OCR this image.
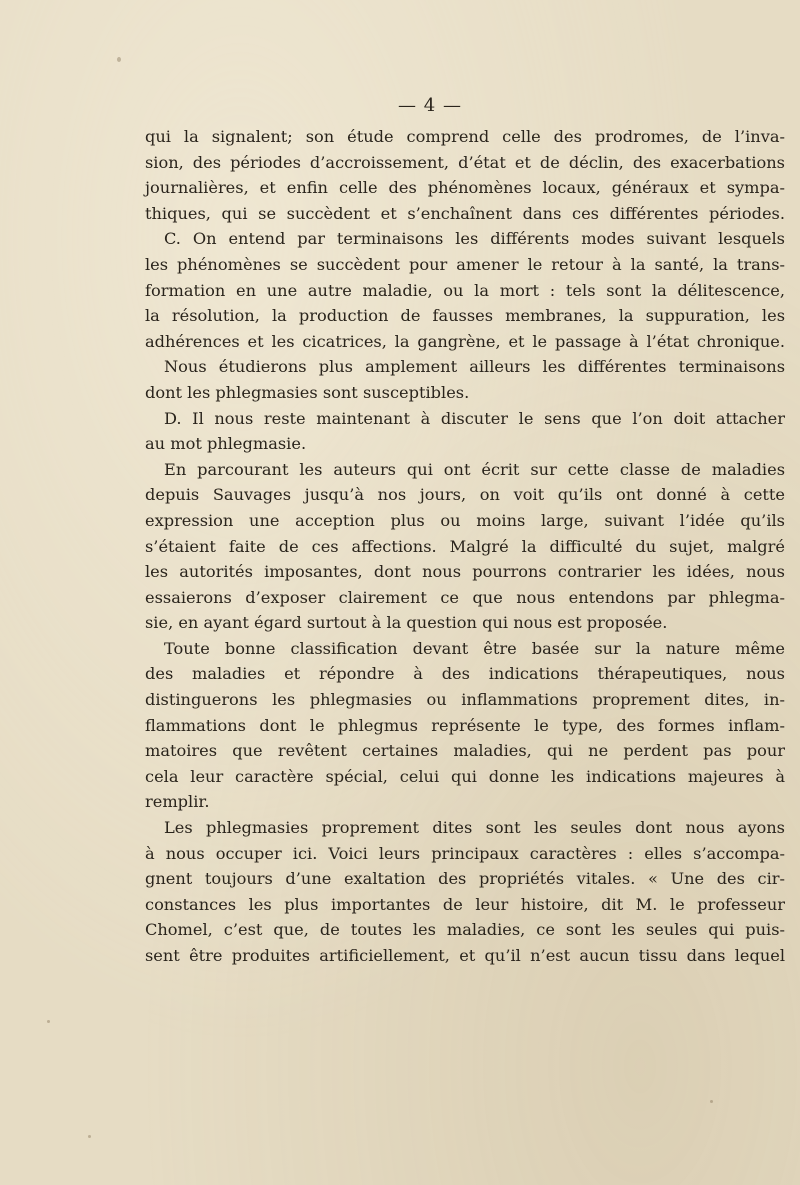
— 4 —
qui la signalent; son étude comprend celle des prodromes, de l’inva-
sion, des périodes d’accroissement, d’état et de déclin, des exacerbations
journalières, et enfin celle des phénomènes locaux, généraux et sympa-
thiques, qui se succèdent et s’enchaînent dans ces différentes périodes.
C. On entend par terminaisons les différents modes suivant lesquels
les phénomènes se succèdent pour amener le retour à la santé, la trans-
formation en une autre maladie, ou la mort : tels sont la délitescence,
la résolution, la production de fausses membranes, la suppuration, les
adhérences et les cicatrices, la gangrène, et le passage à l’état chronique.
Nous étudierons plus amplement ailleurs les différentes terminaisons
dont les phlegmasies sont susceptibles.
D. Il nous reste maintenant à discuter le sens que l’on doit attacher
au mot phlegmasie.
En parcourant les auteurs qui ont écrit sur cette classe de maladies
depuis Sauvages jusqu’à nos jours, on voit qu’ils ont donné à cette
expression une acception plus ou moins large, suivant l’idée qu’ils
s’étaient faite de ces affections. Malgré la difficulté du sujet, malgré
les autorités imposantes, dont nous pourrons contrarier les idées, nous
essaierons d’exposer clairement ce que nous entendons par phlegma-
sie, en ayant égard surtout à la question qui nous est proposée.
Toute bonne classification devant être basée sur la nature même
des maladies et répondre à des indications thérapeutiques, nous
distinguerons les phlegmasies ou inflammations proprement dites, in-
flammations dont le phlegmus représente le type, des formes inflam-
matoires que revêtent certaines maladies, qui ne perdent pas pour
cela leur caractère spécial, celui qui donne les indications majeures à
remplir.
Les phlegmasies proprement dites sont les seules dont nous ayons
à nous occuper ici. Voici leurs principaux caractères : elles s’accompa-
gnent toujours d’une exaltation des propriétés vitales. « Une des cir-
constances les plus importantes de leur histoire, dit M. le professeur
Chomel, c’est que, de toutes les maladies, ce sont les seules qui puis-
sent être produites artificiellement, et qu’il n’est aucun tissu dans lequel
